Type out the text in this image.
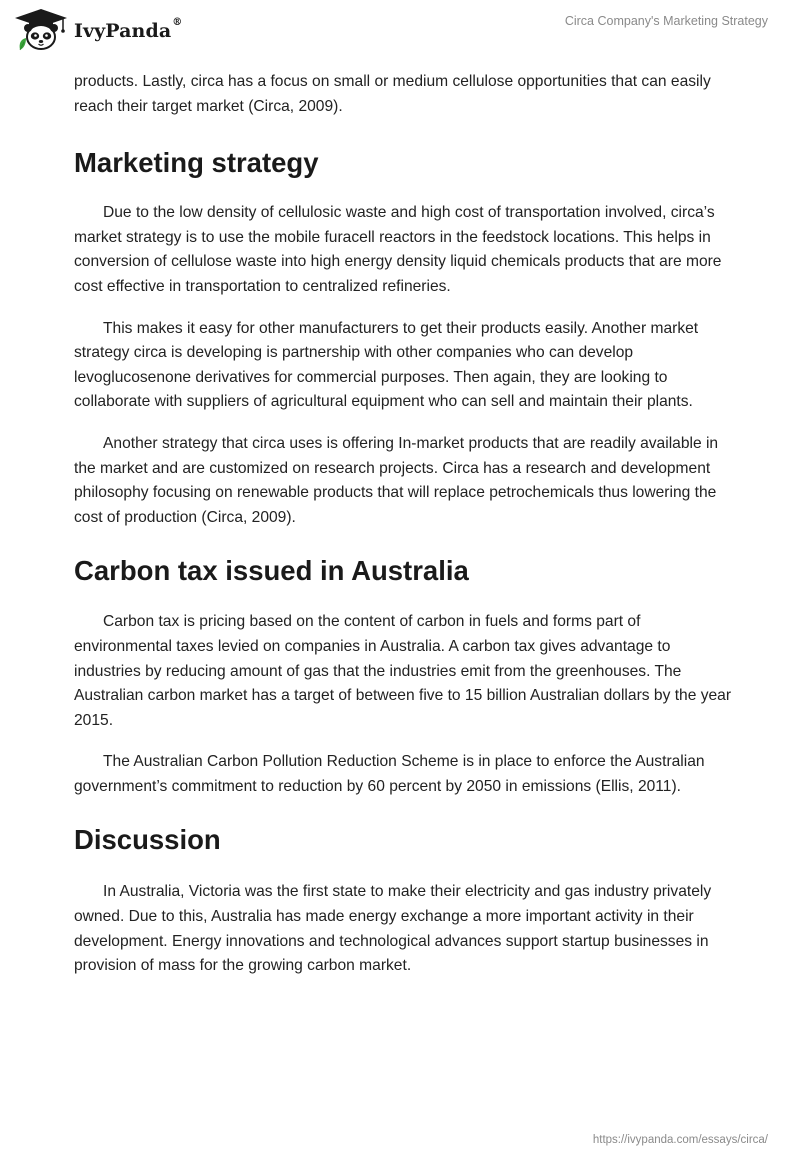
IvyPanda®	Circa Company's Marketing Strategy

products. Lastly, circa has a focus on small or medium cellulose opportunities that can easily reach their target market (Circa, 2009).

Marketing strategy

Due to the low density of cellulosic waste and high cost of transportation involved, circa’s market strategy is to use the mobile furacell reactors in the feedstock locations. This helps in conversion of cellulose waste into high energy density liquid chemicals products that are more cost effective in transportation to centralized refineries.

This makes it easy for other manufacturers to get their products easily. Another market strategy circa is developing is partnership with other companies who can develop levoglucosenone derivatives for commercial purposes. Then again, they are looking to collaborate with suppliers of agricultural equipment who can sell and maintain their plants.

Another strategy that circa uses is offering In-market products that are readily available in the market and are customized on research projects. Circa has a research and development philosophy focusing on renewable products that will replace petrochemicals thus lowering the cost of production (Circa, 2009).

Carbon tax issued in Australia

Carbon tax is pricing based on the content of carbon in fuels and forms part of environmental taxes levied on companies in Australia. A carbon tax gives advantage to industries by reducing amount of gas that the industries emit from the greenhouses. The Australian carbon market has a target of between five to 15 billion Australian dollars by the year 2015.

The Australian Carbon Pollution Reduction Scheme is in place to enforce the Australian government’s commitment to reduction by 60 percent by 2050 in emissions (Ellis, 2011).

Discussion

In Australia, Victoria was the first state to make their electricity and gas industry privately owned. Due to this, Australia has made energy exchange a more important activity in their development. Energy innovations and technological advances support startup businesses in provision of mass for the growing carbon market.

https://ivypanda.com/essays/circa/
